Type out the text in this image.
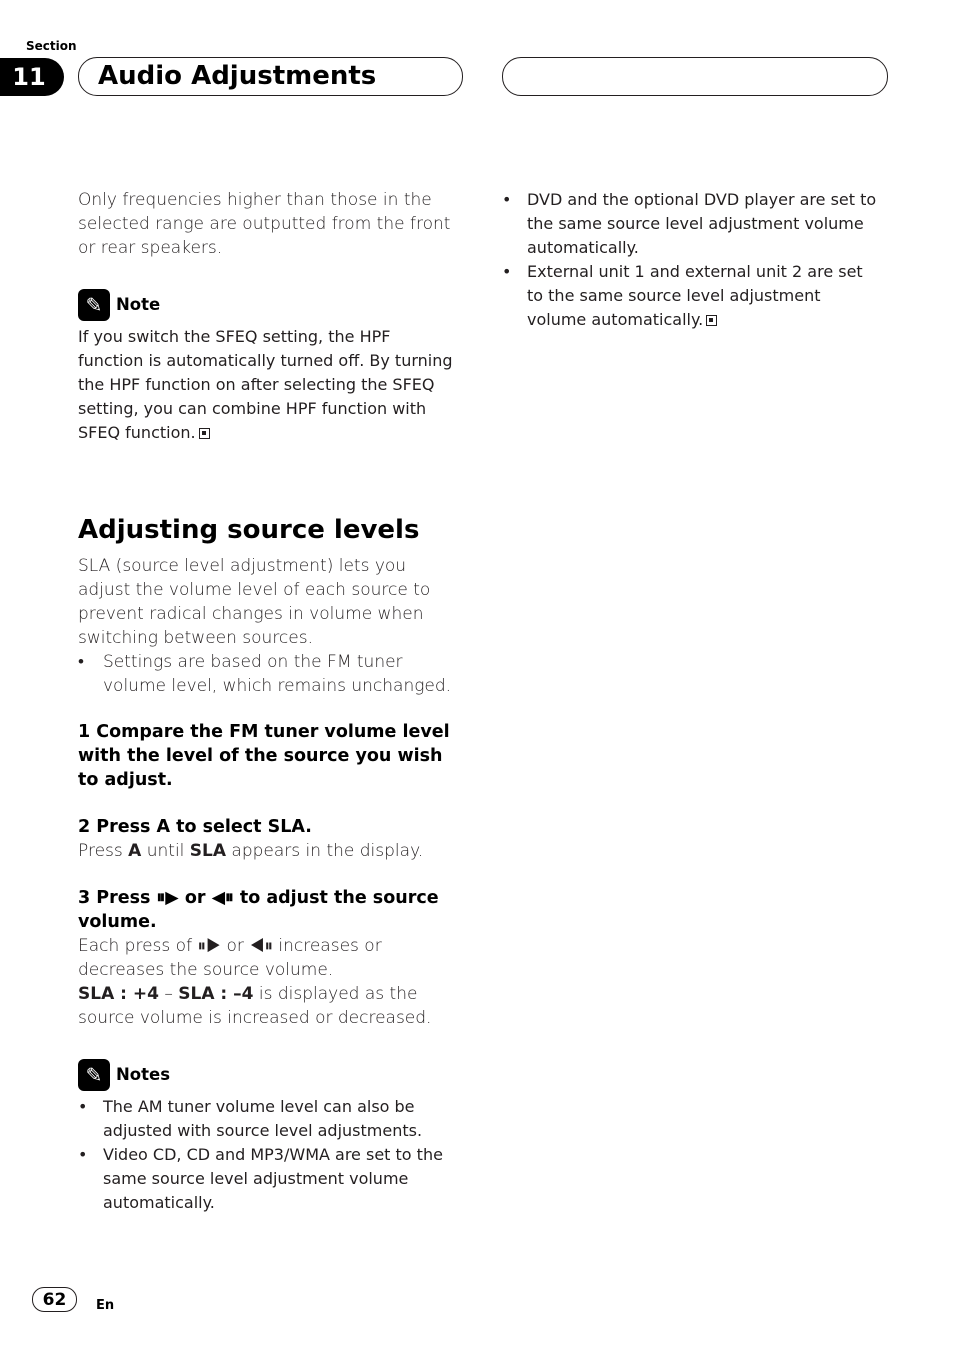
Section
11	Audio Adjustments

Only frequencies higher than those in the selected range are outputted from the front or rear speakers.

✎ Note
If you switch the SFEQ setting, the HPF function is automatically turned off. By turning the HPF function on after selecting the SFEQ setting, you can combine HPF function with SFEQ function.
Adjusting source levels

SLA (source level adjustment) lets you adjust the volume level of each source to prevent radical changes in volume when switching between sources.

•	Settings are based on the FM tuner volume level, which remains unchanged.
1 Compare the FM tuner volume level with the level of the source you wish to adjust.
2 Press A to select SLA.
Press A until SLA appears in the display.
3 Press ⏸▶ or ◀⏸ to adjust the source volume.
Each press of ⏸▶ or ◀⏸ increases or decreases the source volume.
SLA : +4 – SLA : –4 is displayed as the source volume is increased or decreased.
✎ Notes
• The AM tuner volume level can also be adjusted with source level adjustments.
• Video CD, CD and MP3/WMA are set to the same source level adjustment volume automatically.
• DVD and the optional DVD player are set to the same source level adjustment volume automatically.
• External unit 1 and external unit 2 are set to the same source level adjustment volume automatically.
62	En
